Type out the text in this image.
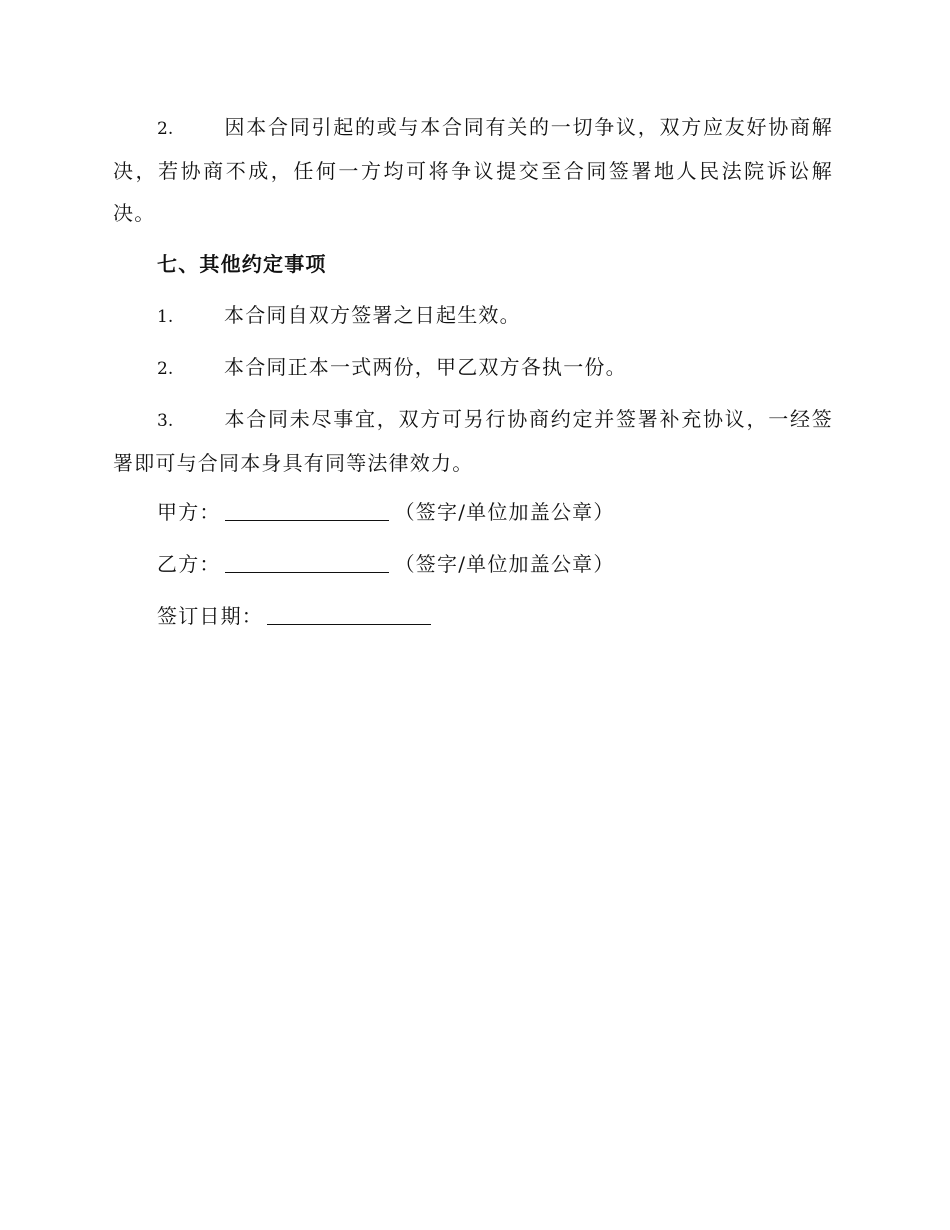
2.	因本合同引起的或与本合同有关的一切争议，双方应友好协商解决，若协商不成，任何一方均可将争议提交至合同签署地人民法院诉讼解决。
七、其他约定事项
1.	本合同自双方签署之日起生效。
2.	本合同正本一式两份，甲乙双方各执一份。
3.	本合同未尽事宜，双方可另行协商约定并签署补充协议，一经签署即可与合同本身具有同等法律效力。
甲方：	（签字/单位加盖公章）
乙方：	（签字/单位加盖公章）
签订日期：
